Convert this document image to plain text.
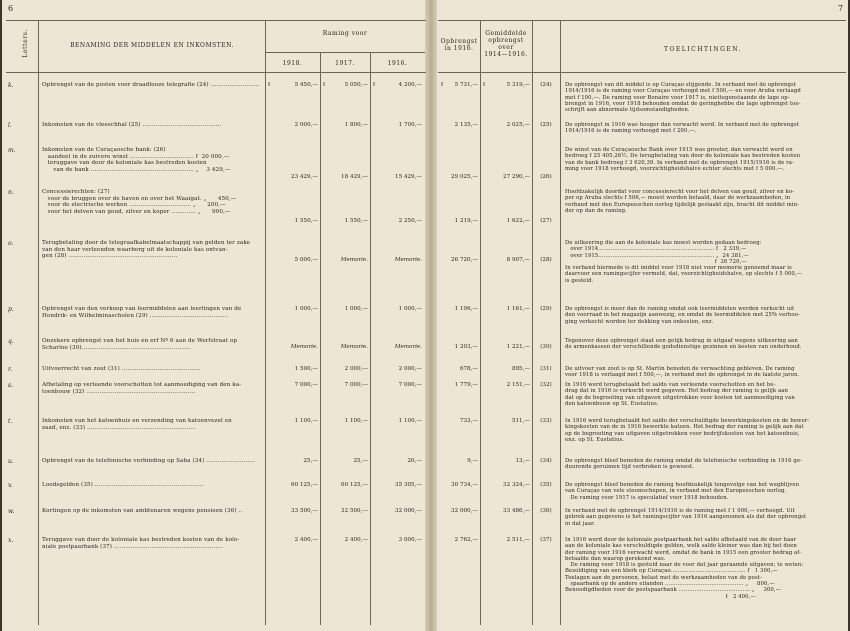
6	7
Letters.	BENAMING DER MIDDELEN EN INKOMSTEN.
Raming voor
1918.	1917.	1916.
Opbrengst
in 1916.
Gemiddelde
opbrengst
over
1914—1916.
TOELICHTINGEN.
k.	Opbrengst van de posten voor draadlooze telegrafie (24) .......................... f	f	f	f	f
5 450,—	5 050,—	4 200,—	5 731,—	5 319,—	(24)	De opbrengst van dit middel is op Curaçao stijgende. In verband met de opbrengst
1914/1916 is de raming voor Curaçao verhoogd met f 500,— en voor Aruba verlaagd
met f 100,—. De raming voor Bonaire voor 1917 is, niettegenstaande de lage op-
brengst in 1916, voor 1918 behouden omdat de geringhebbe die lage opbrengst toe-
schrijft aan abnormale tijdsomstandigheden.
l.	Inkomsten van de vleeschhal (25) ..........................................	2 000,—	1 800,—	1 700,—	2 135,—	2 025,—	(25)	De opbrengst in 1916 was hooger dan verwacht werd. In verband met de opbrengst
1914/1916 is de raming verhoogd met f 200,—.
m.	Inkomsten van de Curaçaosche bank: (26)
aandeel in de zuivere winst .................................. f  20 000,—
teruggave van door de koloniale kas bestreden kosten
van de bank ....................................................... „    3 429,—
23 429,—	18 429,—	15 429,—	29 025,—	27 290,—	(26)
De winst van de Curaçaosche Bank over 1915 was grooter, dan verwacht werd en
bedroeg f 25 405,26½. De terugbetaling van door de koloniale kas bestreden kosten
van de bank bedroeg f 3 620,39. In verband met de opbrengst 1915/1916 is de ra-
ming voor 1918 verhoogd, voorzichtigheidshalve echter slechts met f 5 000,—.
n.	Concessierechten: (27)
voor de bruggen over de haven en over het Waaigat. „      450,—
voor de electrische werken ................................. „      200,—
voor het delven van goud, zilver en koper ............. „      900,—
1 550,—	1 550,—	2 250,—	1 219,—	1 622,—	(27)
Hoofdzakelijk doordat voor concessierecht voor het delven van goud, zilver en ko-
per op Aruba slechts f 506,— moest worden betaald, daar de werkzaamheden, in
verband met den Europeeschen oorlog tijdelijk gestaakt zijn, bracht dit middel min-
der op dan de raming.
o.	Terugbetaling door de telegraafkabelmaatschappij van gelden ter zake
van den haar verleenden waarborg uit de koloniale kas ontvan-
gen (28) ..........................................................
5 000,—	Memorie.	Memorie.	26 720,—	8 907,—	(28)
De uitkeering die aan de koloniale kas moest worden gedaan bedroeg:
over 1914................................................................. f   2 339,—
over 1915................................................................. „  24 381,—
f  26 720,—
In verband hiermede is dit middel voor 1918 niet voor memorie genoemd maar is
daarvoor een ramingscijfer vermeld, dat, voorzichtigheidshalve, op slechts f 5 000,—
is gesteld.
p.	Opbrengst van den verkoop van leermiddelen aan leerlingen van de
Hendrik- en Wilhelminascholen (29) ..........................................
1 000,—	1 000,—	1 000,—	1 196,—	1 161,—	(29)	De opbrengst is meer dan de raming omdat ook leermiddelen werden verkocht uit
den voorraad in het magazijn aanwezig, en omdat de leermiddelen met 25% verhoo-
ging verkocht worden ter dekking van onkosten, enz.
q.	Onzekere opbrengst van het huis en erf Nº 6 aan de Werfstraat op
Scharloo (30)..........................................................	Memorie.	Memorie.	Memorie.	1 203,—	1 221,—	(30)
Tegenover deze opbrengst staat een gelijk bedrag in uitgaaf wegens uitkeering aan
de armenkassen der verschillende godsdienstige gezinnen en kosten van onderhoud.
r.	Uitvoerrecht van zout (31) ..........................................	1 500,—	2 000,—	2 000,—	678,—	895,—	(31)	De uitvoer van zout is op St. Martin beneden de verwachting gebleven. De raming
voor 1918 is verlaagd met f 500,—, in verband met de opbrengst in de laatste jaren.
s.	Afbetaling op verleende voorschotten tot aanmoediging van den ka-
toenbouw (32) ..........................................................
7 000,—	7 000,—	7 000,—	1 779,—	2 151,—	(32)	In 1916 werd terugbetaald het saldo van verleende voorschotten en het be-
drag dat in 1916 is verkocht werd gegeven. Het bedrag der raming is gelijk aan
dat op de begrooting van uitgaven uitgetrokken voor kosten tot aanmoediging van
den katoenbouw op St. Eustatius.
t.	Inkomsten van het katoenhuis en verzending van katoenvezel en
zaad, enz. (33) ..........................................................
1 100,—	1 100,—	1 100,—	733,—	511,—	(33)	In 1916 werd terugbetaald het saldo der verschuldigde bewerkingskosten en de bewer-
kingskosten van de in 1916 bewerkte katoen. Het bedrag der raming is gelijk aan dat
op de begrooting van uitgaven uitgetrokken voor bedrijfskosten van het katoenhuis,
enz. op St. Eustatius.
u.	Opbrengst van de telefonische verbinding op Saba (34) ..........................	25,—	25,—	20,—	9,—	13,—	(34)	De opbrengst bleef beneden de raming omdat de telefonische verbinding in 1916 ge-
duurende geruimen tijd verbroken is geweest.
v.	Loodsgelden (35) ..........................................................	60 125,—	60 125,—	35 305,—	30 734,—	32 324,—	(35)	De opbrengst bleef beneden de raming hoofdzakelijk tengevolge van het wegblijven
van Curaçao van vele stoomschepen, in verband met den Europeeschen oorlog.
De raming voor 1917 is speculatief voor 1918 behouden.
w.	Kortingen op de inkomsten van ambtenaren wegens pensioen (36) ..	33 500,—	32 500,—	32 000,—	32 000,—	33 486,—	(36)	In verband met de opbrengst 1914/1916 is de raming met f 1 000,— verhoogd. Uit
gebrek aan gegevens is het ramingscijfer van 1916 aangenomen als dat der opbrengst
in dat jaar.
x.	Teruggave van door de koloniale kas bestreden kosten van de kolo-
niale postpaarbank (37) ..........................................................
2 400,—	2 400,—	3 000,—	2 762,—	2 511,—	(37)	In 1916 werd door de koloniale postpaarbank het saldo afbetaald van de door haar
aan de koloniale kas verschuldigde gelden, welk saldo kleiner was dan bij het doen
der raming voor 1916 verwacht werd, omdat de bank in 1915 een grooter bedrag af-
betaalde dan waarop gerekend was.
De raming voor 1918 is gesteld naar de voor dat jaar geraamde uitgaven; te weten:
Bezoldiging van een klerk op Curaçao.......................................... f   1 300,—
Toelagen aan de personen, belast met de werkzaamheden van de post-
spaarbank op de andere eilanden ............................................ „     800,—
Benoodigdheden voor de postspaarbank ........................................ „     300,—
f   2 400,—
